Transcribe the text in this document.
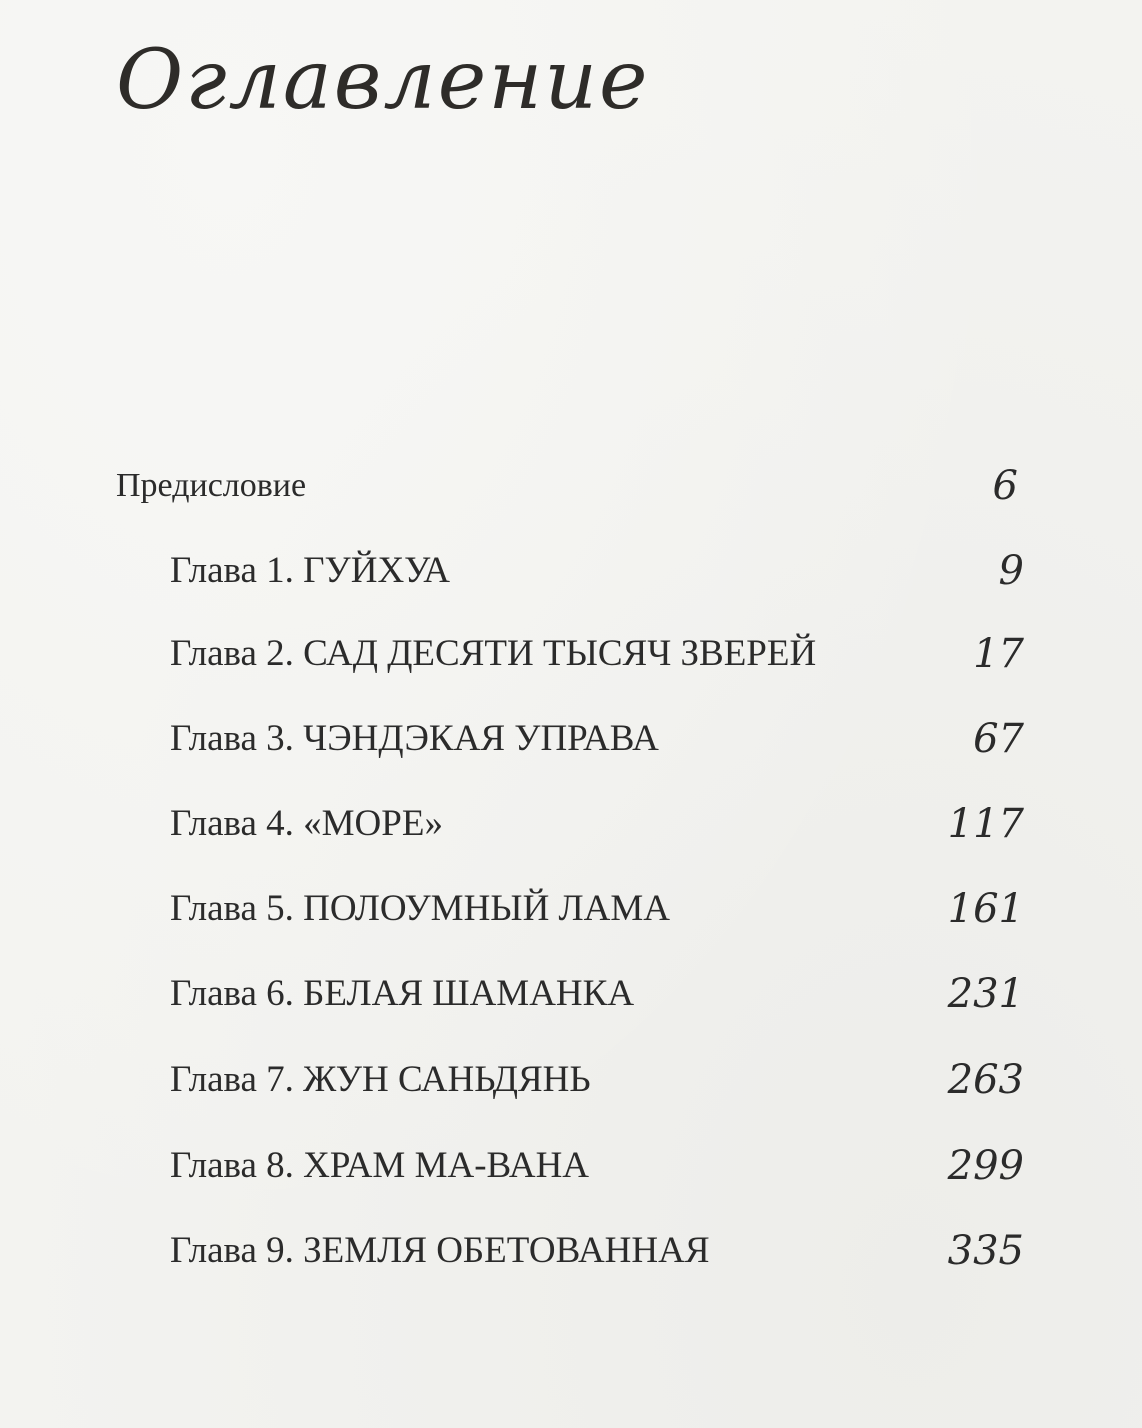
Оглавление
Предисловие	6
Глава 1. ГУЙХУА	9
Глава 2. САД ДЕСЯТИ ТЫСЯЧ ЗВЕРЕЙ	17
Глава 3. ЧЭНДЭКАЯ УПРАВА	67
Глава 4. «МОРЕ»	117
Глава 5. ПОЛОУМНЫЙ ЛАМА	161
Глава 6. БЕЛАЯ ШАМАНКА	231
Глава 7. ЖУН САНЬДЯНЬ	263
Глава 8. ХРАМ МА-ВАНА	299
Глава 9. ЗЕМЛЯ ОБЕТОВАННАЯ	335
